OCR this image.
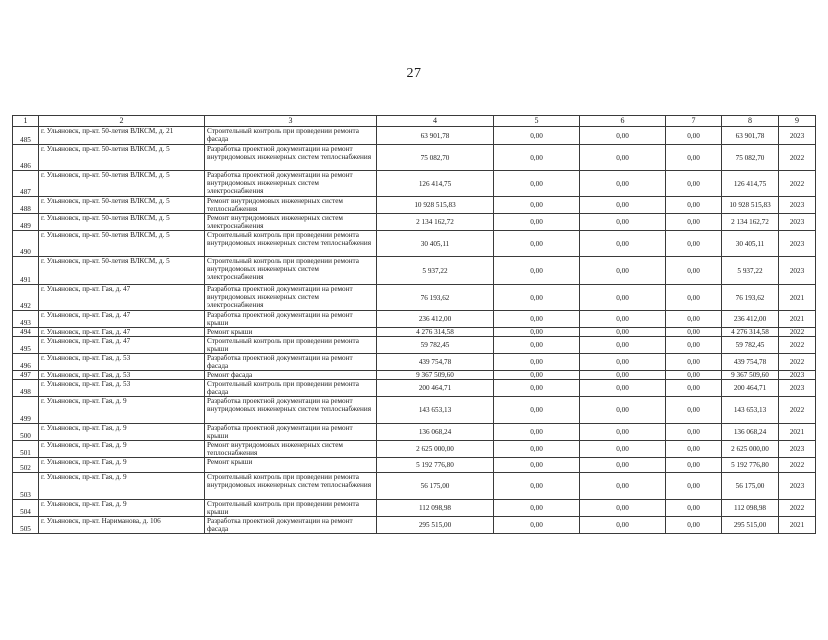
27
1	2	3	4	5	6	7	8	9
485	г. Ульяновск, пр-кт. 50-летия ВЛКСМ, д. 21	Строительный контроль при проведении ремонта фасада	63 901,78	0,00	0,00	0,00	63 901,78	2023
486	г. Ульяновск, пр-кт. 50-летия ВЛКСМ, д. 5	Разработка проектной документации на ремонт внутридомовых инженерных систем теплоснабжения	75 082,70	0,00	0,00	0,00	75 082,70	2022
487	г. Ульяновск, пр-кт. 50-летия ВЛКСМ, д. 5	Разработка проектной документации на ремонт внутридомовых инженерных систем электроснабжения	126 414,75	0,00	0,00	0,00	126 414,75	2022
488	г. Ульяновск, пр-кт. 50-летия ВЛКСМ, д. 5	Ремонт внутридомовых инженерных систем теплоснабжения	10 928 515,83	0,00	0,00	0,00	10 928 515,83	2023
489	г. Ульяновск, пр-кт. 50-летия ВЛКСМ, д. 5	Ремонт внутридомовых инженерных систем электроснабжения	2 134 162,72	0,00	0,00	0,00	2 134 162,72	2023
490	г. Ульяновск, пр-кт. 50-летия ВЛКСМ, д. 5	Строительный контроль при проведении ремонта внутридомовых инженерных систем теплоснабжения	30 405,11	0,00	0,00	0,00	30 405,11	2023
491	г. Ульяновск, пр-кт. 50-летия ВЛКСМ, д. 5	Строительный контроль при проведении ремонта внутридомовых инженерных систем электроснабжения	5 937,22	0,00	0,00	0,00	5 937,22	2023
492	г. Ульяновск, пр-кт. Гая, д. 47	Разработка проектной документации на ремонт внутридомовых инженерных систем электроснабжения	76 193,62	0,00	0,00	0,00	76 193,62	2021
493	г. Ульяновск, пр-кт. Гая, д. 47	Разработка проектной документации на ремонт крыши	236 412,00	0,00	0,00	0,00	236 412,00	2021
494	г. Ульяновск, пр-кт. Гая, д. 47	Ремонт крыши	4 276 314,58	0,00	0,00	0,00	4 276 314,58	2022
495	г. Ульяновск, пр-кт. Гая, д. 47	Строительный контроль при проведении ремонта крыши	59 782,45	0,00	0,00	0,00	59 782,45	2022
496	г. Ульяновск, пр-кт. Гая, д. 53	Разработка проектной документации на ремонт фасада	439 754,78	0,00	0,00	0,00	439 754,78	2022
497	г. Ульяновск, пр-кт. Гая, д. 53	Ремонт фасада	9 367 509,60	0,00	0,00	0,00	9 367 509,60	2023
498	г. Ульяновск, пр-кт. Гая, д. 53	Строительный контроль при проведении ремонта фасада	200 464,71	0,00	0,00	0,00	200 464,71	2023
499	г. Ульяновск, пр-кт. Гая, д. 9	Разработка проектной документации на ремонт внутридомовых инженерных систем теплоснабжения	143 653,13	0,00	0,00	0,00	143 653,13	2022
500	г. Ульяновск, пр-кт. Гая, д. 9	Разработка проектной документации на ремонт крыши	136 068,24	0,00	0,00	0,00	136 068,24	2021
501	г. Ульяновск, пр-кт. Гая, д. 9	Ремонт внутридомовых инженерных систем теплоснабжения	2 625 000,00	0,00	0,00	0,00	2 625 000,00	2023
502	г. Ульяновск, пр-кт. Гая, д. 9	Ремонт крыши	5 192 776,80	0,00	0,00	0,00	5 192 776,80	2022
503	г. Ульяновск, пр-кт. Гая, д. 9	Строительный контроль при проведении ремонта внутридомовых инженерных систем теплоснабжения	56 175,00	0,00	0,00	0,00	56 175,00	2023
504	г. Ульяновск, пр-кт. Гая, д. 9	Строительный контроль при проведении ремонта крыши	112 098,98	0,00	0,00	0,00	112 098,98	2022
505	г. Ульяновск, пр-кт. Нариманова, д. 106	Разработка проектной документации на ремонт фасада	295 515,00	0,00	0,00	0,00	295 515,00	2021
